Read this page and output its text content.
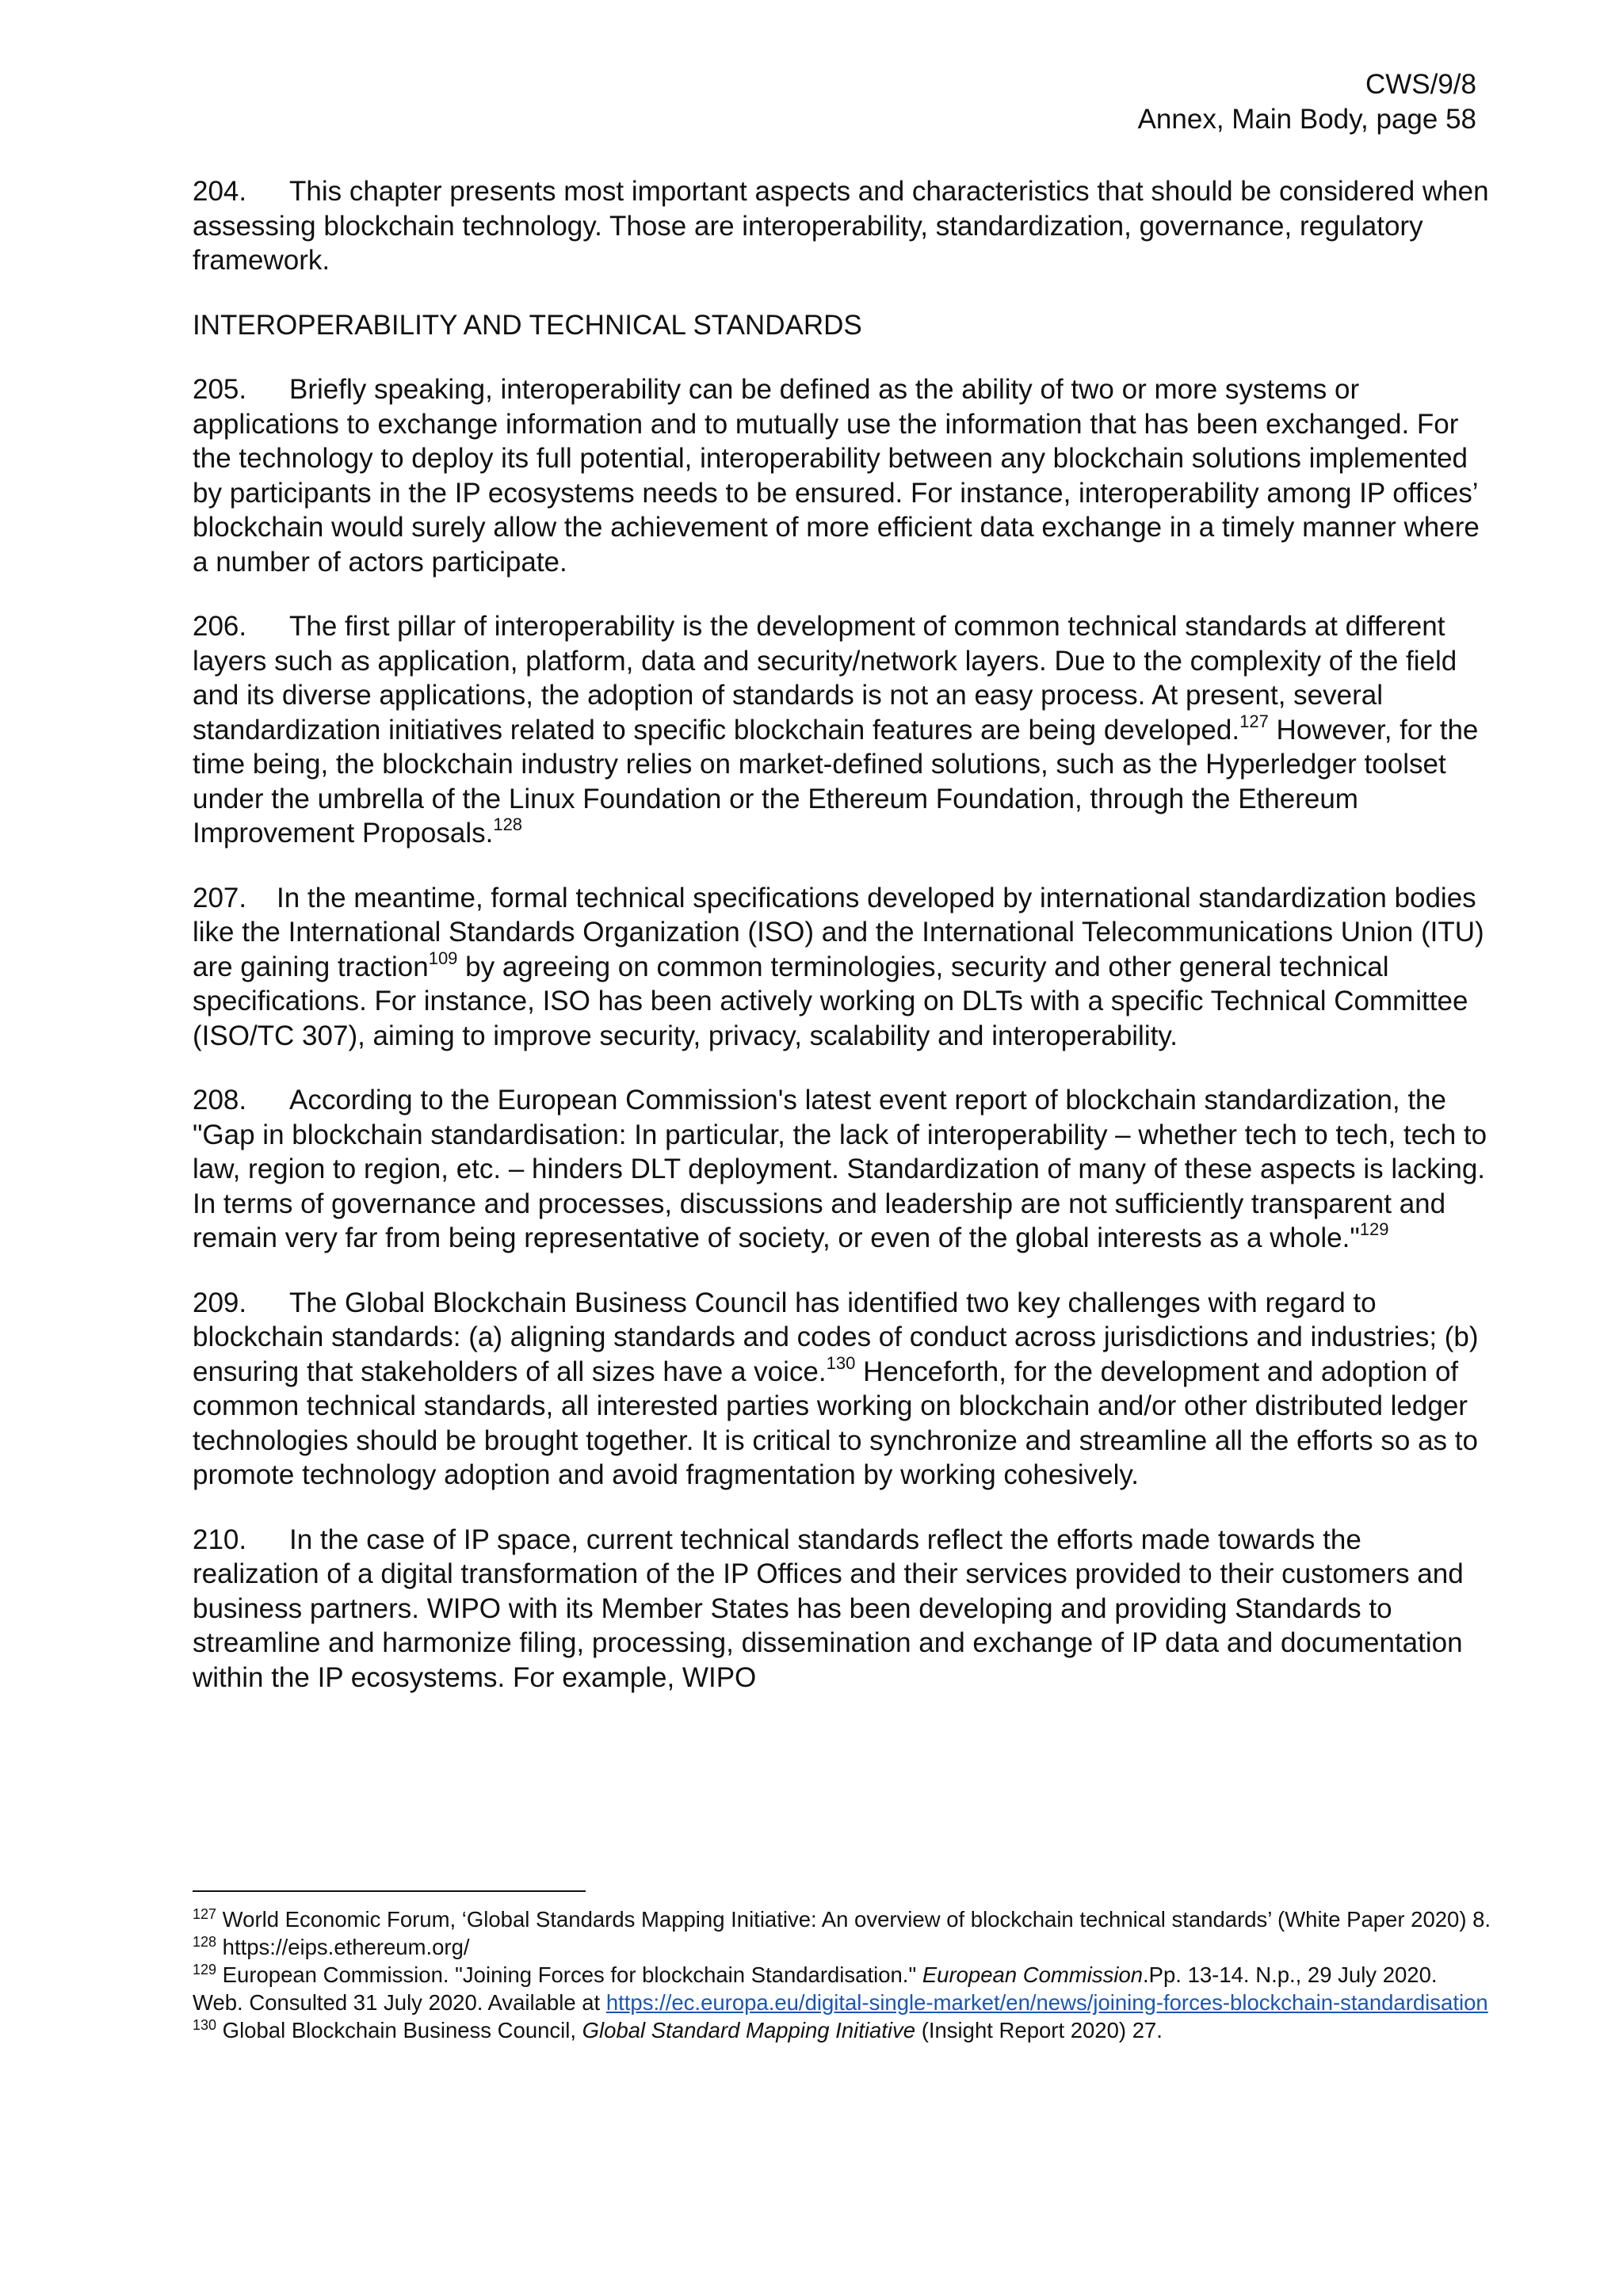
CWS/9/8
Annex, Main Body, page 58

204. This chapter presents most important aspects and characteristics that should be considered when assessing blockchain technology. Those are interoperability, standardization, governance, regulatory framework.

INTEROPERABILITY AND TECHNICAL STANDARDS

205. Briefly speaking, interoperability can be defined as the ability of two or more systems or applications to exchange information and to mutually use the information that has been exchanged. For the technology to deploy its full potential, interoperability between any blockchain solutions implemented by participants in the IP ecosystems needs to be ensured. For instance, interoperability among IP offices’ blockchain would surely allow the achievement of more efficient data exchange in a timely manner where a number of actors participate.

206. The first pillar of interoperability is the development of common technical standards at different layers such as application, platform, data and security/network layers. Due to the complexity of the field and its diverse applications, the adoption of standards is not an easy process. At present, several standardization initiatives related to specific blockchain features are being developed.$^{127}$ However, for the time being, the blockchain industry relies on market-defined solutions, such as the Hyperledger toolset under the umbrella of the Linux Foundation or the Ethereum Foundation, through the Ethereum Improvement Proposals.$^{128}$

207. In the meantime, formal technical specifications developed by international standardization bodies like the International Standards Organization (ISO) and the International Telecommunications Union (ITU) are gaining traction$^{109}$ by agreeing on common terminologies, security and other general technical specifications. For instance, ISO has been actively working on DLTs with a specific Technical Committee (ISO/TC 307), aiming to improve security, privacy, scalability and interoperability.

208. According to the European Commission's latest event report of blockchain standardization, the "Gap in blockchain standardisation: In particular, the lack of interoperability – whether tech to tech, tech to law, region to region, etc. – hinders DLT deployment. Standardization of many of these aspects is lacking. In terms of governance and processes, discussions and leadership are not sufficiently transparent and remain very far from being representative of society, or even of the global interests as a whole."$^{129}$

209. The Global Blockchain Business Council has identified two key challenges with regard to blockchain standards: (a) aligning standards and codes of conduct across jurisdictions and industries; (b) ensuring that stakeholders of all sizes have a voice.$^{130}$ Henceforth, for the development and adoption of common technical standards, all interested parties working on blockchain and/or other distributed ledger technologies should be brought together. It is critical to synchronize and streamline all the efforts so as to promote technology adoption and avoid fragmentation by working cohesively.

210. In the case of IP space, current technical standards reflect the efforts made towards the realization of a digital transformation of the IP Offices and their services provided to their customers and business partners. WIPO with its Member States has been developing and providing Standards to streamline and harmonize filing, processing, dissemination and exchange of IP data and documentation within the IP ecosystems. For example, WIPO

$^{127}$ World Economic Forum, ‘Global Standards Mapping Initiative: An overview of blockchain technical standards’ (White Paper 2020) 8.

$^{128}$ https://eips.ethereum.org/

$^{129}$ European Commission. "Joining Forces for blockchain Standardisation." European Commission.Pp. 13-14. N.p., 29 July 2020. Web. Consulted 31 July 2020. Available at https://ec.europa.eu/digital-single-market/en/news/joining-forces-blockchain-standardisation

$^{130}$ Global Blockchain Business Council, Global Standard Mapping Initiative (Insight Report 2020) 27.
